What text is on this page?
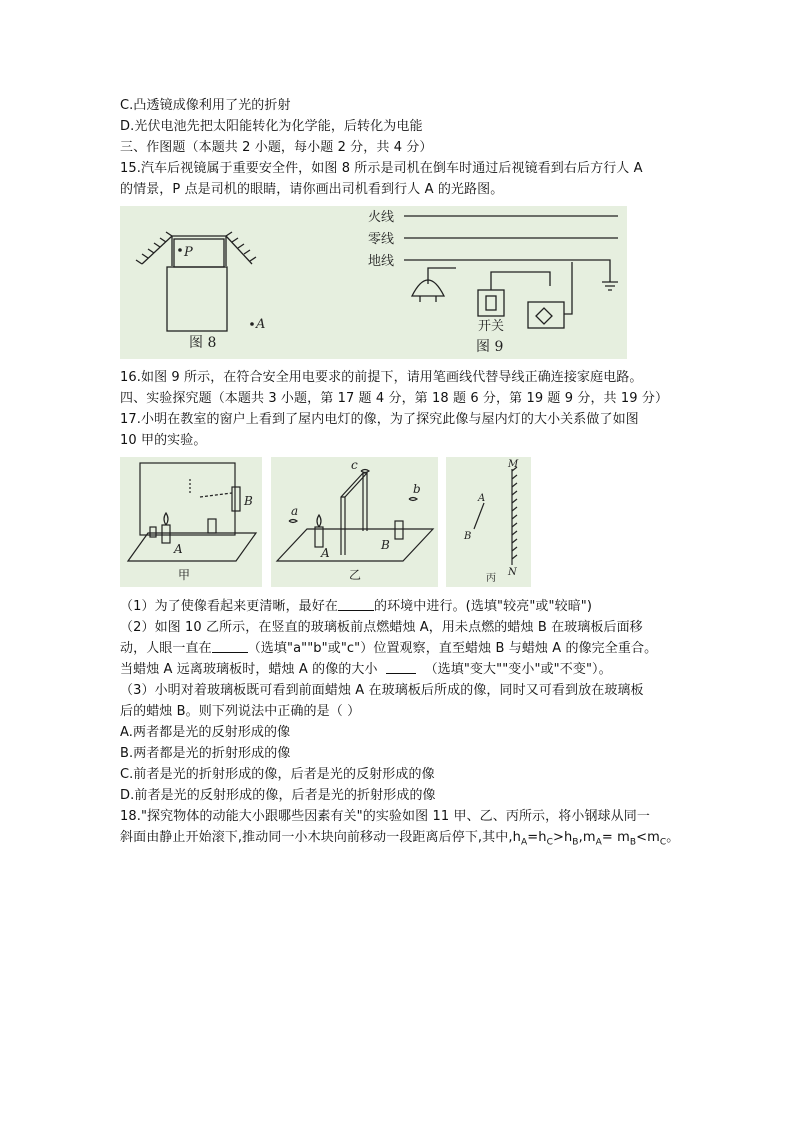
C.凸透镜成像利用了光的折射
D.光伏电池先把太阳能转化为化学能，后转化为电能
三、作图题（本题共 2 小题，每小题 2 分，共 4 分）
15.汽车后视镜属于重要安全件，如图 8 所示是司机在倒车时通过后视镜看到右后方行人 A
的情景，P 点是司机的眼睛，请你画出司机看到行人 A 的光路图。
P
A
图 8
火线
零线
地线
开关
图 9
16.如图 9 所示，在符合安全用电要求的前提下，请用笔画线代替导线正确连接家庭电路。
四、实验探究题（本题共 3 小题，第 17 题 4 分，第 18 题 6 分，第 19 题 9 分，共 19 分）
17.小明在教室的窗户上看到了屋内电灯的像，为了探究此像与屋内灯的大小关系做了如图
10 甲的实验。
A
B
甲
a
b
c
A
B
乙
M
N
A
B
丙
（1）为了使像看起来更清晰，最好在	的环境中进行。(选填"较亮"或"较暗")
（2）如图 10 乙所示，在竖直的玻璃板前点燃蜡烛 A，用未点燃的蜡烛 B 在玻璃板后面移
动，人眼一直在	（选填"a""b"或"c"）位置观察，直至蜡烛 B 与蜡烛 A 的像完全重合。
当蜡烛 A 远离玻璃板时，蜡烛 A 的像的大小	（选填"变大""变小"或"不变"）。
（3）小明对着玻璃板既可看到前面蜡烛 A 在玻璃板后所成的像，同时又可看到放在玻璃板
后的蜡烛 B。则下列说法中正确的是（ ）
A.两者都是光的反射形成的像
B.两者都是光的折射形成的像
C.前者是光的折射形成的像，后者是光的反射形成的像
D.前者是光的反射形成的像，后者是光的折射形成的像
18."探究物体的动能大小跟哪些因素有关"的实验如图 11 甲、乙、丙所示，将小钢球从同一
斜面由静止开始滚下,推动同一小木块向前移动一段距离后停下,其中$,h_A=h_C>h_B,m_A= m_B<m_C$。
